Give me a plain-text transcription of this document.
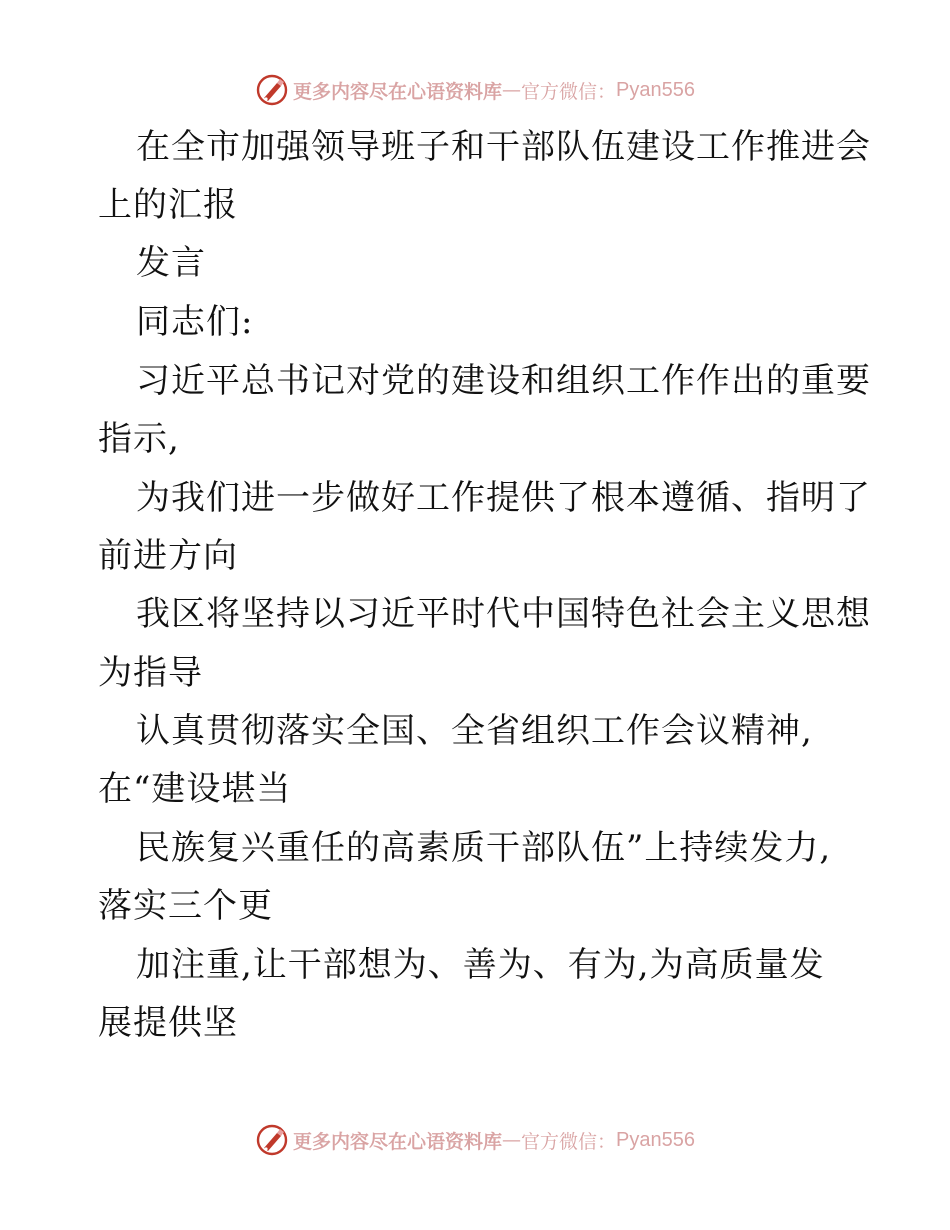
更多内容尽在心语资料库 — 官方微信： Pyan556
在全市加强领导班子和干部队伍建设工作推进会
上的汇报
发言
同志们:
习近平总书记对党的建设和组织工作作出的重要
指示,
为我们进一步做好工作提供了根本遵循、指明了
前进方向
我区将坚持以习近平时代中国特色社会主义思想
为指导
认真贯彻落实全国、全省组织工作会议精神,
在“建设堪当
民族复兴重任的高素质干部队伍”上持续发力,
落实三个更
加注重,让干部想为、善为、有为,为高质量发
展提供坚
更多内容尽在心语资料库 — 官方微信： Pyan556
